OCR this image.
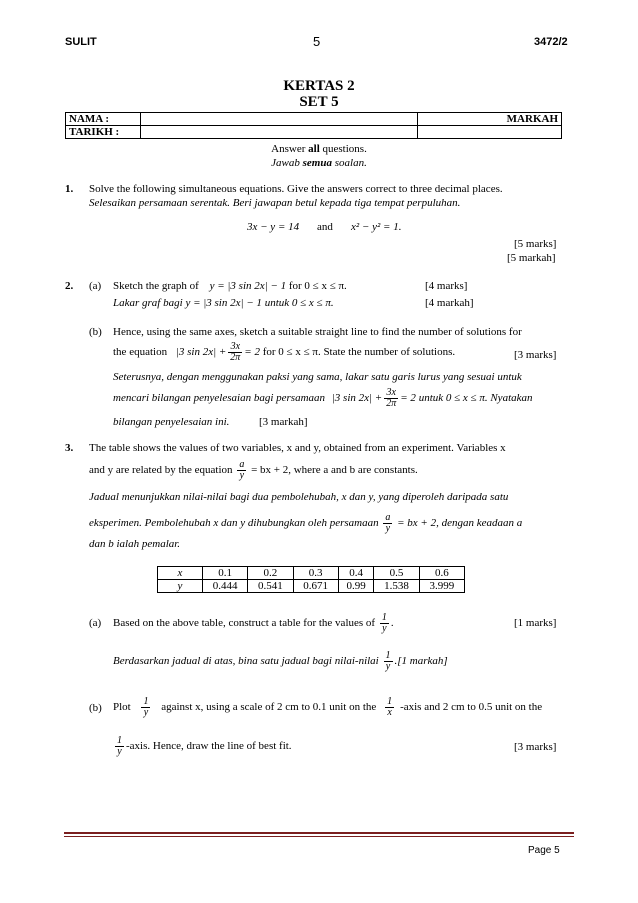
SULIT	5	3472/2
KERTAS 2
SET 5
NAMA :		MARKAH
TARIKH :		
Answer all questions.
Jawab semua soalan.
1. Solve the following simultaneous equations. Give the answers correct to three decimal places.
Selesaikan persamaan serentak. Beri jawapan betul kepada tiga tempat perpuluhan.
3x − y = 14 and x² − y² = 1.
[5 marks]
[5 markah]
2. (a) Sketch the graph of y = |3 sin 2x| − 1 for 0 ≤ x ≤ π.	[4 marks]
Lakar graf bagi y = |3 sin 2x| − 1 untuk 0 ≤ x ≤ π.	[4 markah]
(b) Hence, using the same axes, sketch a suitable straight line to find the number of solutions for
the equation |3 $\sin 2x| + \frac{3x}{2\pi} = 2$ for 0 ≤ x ≤ π. State the number of solutions.	[3 marks]
Seterusnya, dengan menggunakan paksi yang sama, lakar satu garis lurus yang sesuai untuk
mencari bilangan penyelesaian bagi persamaan |3 $\sin 2x| + \frac{3x}{2\pi} = 2$ untuk 0 ≤ x ≤ π. Nyatakan
bilangan penyelesaian ini.	[3 markah]
3. The table shows the values of two variables, x and y, obtained from an experiment. Variables x
and y are related by the equation $\frac{a}{y}$ = bx + 2, where a and b are constants.
Jadual menunjukkan nilai-nilai bagi dua pembolehubah, x dan y, yang diperoleh daripada satu
eksperimen. Pembolehubah x dan y dihubungkan oleh persamaan $\frac{a}{y}$ = bx + 2, dengan keadaan a
dan b ialah pemalar.
x	0.1	0.2	0.3	0.4	0.5	0.6
y	0.444	0.541	0.671	0.99	1.538	3.999
(a) Based on the above table, construct a table for the values of $\frac{1}{y}$ .	[1 marks]
Berdasarkan jadual di atas, bina satu jadual bagi nilai-nilai $\frac{1}{y} .[1$ markah]
(b) Plot $\frac{1}{y}$ against x, using a scale of 2 cm to 0.1 unit on the $\frac{1}{x}$ -axis and 2 cm to 0.5 unit on the
$\frac{1}{y}$ -axis. Hence, draw the line of best fit.	[3 marks]
Page 5
